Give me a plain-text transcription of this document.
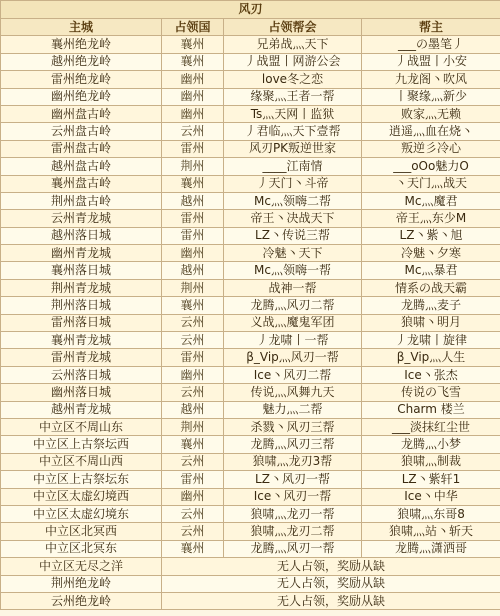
风刃			
主城	占领国	占领帮会	帮主
襄州绝龙岭	襄州	兄弟战灬天下	___の墨笔丿
越州绝龙岭	襄州	丿战盟丨网游公会	丿战盟丨小安
雷州绝龙岭	幽州	love冬之恋	九龙阁丶吹风
幽州绝龙岭	幽州	缘聚灬王者一帮	丨聚缘灬新少
幽州盘古岭	幽州	Ts灬天网丨监狱	败家灬无赖
云州盘古岭	云州	丿君临灬天下壹帮	逍遥灬血在烧丶
雷州盘古岭	雷州	风刃PK叛逆世家	叛逆彡冷心
越州盘古岭	荆州	____江南情	___oOo魅力O
襄州盘古岭	襄州	丿天门丶斗帝	丶天门灬战天
荆州盘古岭	越州	Mc灬领嗨二帮	Mc灬魔君
云州青龙城	雷州	帝王丶决战天下	帝王灬东少M
越州落日城	雷州	LZ丶传说三帮	LZ丶紫丶旭
幽州青龙城	幽州	冷魅丶天下	冷魅丶夕寒
襄州落日城	越州	Mc灬领嗨一帮	Mc灬暴君
荆州青龙城	荆州	战神一帮	情系の战天霸
荆州落日城	襄州	龙腾灬风刃二帮	龙腾灬麦子
雷州落日城	云州	义战灬魔鬼军团	狼啸丶明月
襄州青龙城	云州	丿龙啸丨一帮	丿龙啸丨旋律
雷州青龙城	雷州	β_Vip灬风刃一帮	β_Vip灬人生
云州落日城	幽州	Ice丶风刃二帮	Ice丶张杰
幽州落日城	云州	传说灬风舞九天	传说の飞雪
越州青龙城	越州	魅力灬二帮	Charm 楼兰
中立区不周山东	荆州	杀戮丶风刃三帮	___淡抹红尘世
中立区上古祭坛西	襄州	龙腾灬风刃三帮	龙腾灬小梦
中立区不周山西	云州	狼啸灬龙刃3帮	狼啸灬制裁
中立区上古祭坛东	雷州	LZ丶风刃一帮	LZ丶紫轩1
中立区太虚幻境西	幽州	Ice丶风刃一帮	Ice丶中华
中立区太虚幻境东	云州	狼啸灬龙刃一帮	狼啸灬东哥8
中立区北冥西	云州	狼啸灬龙刃二帮	狼啸灬站丶斩天
中立区北冥东	襄州	龙腾灬风刃一帮	龙腾灬潇洒哥
中立区无尽之洋	无人占领，奖励从缺		
荆州绝龙岭	无人占领，奖励从缺		
云州绝龙岭	无人占领，奖励从缺		
